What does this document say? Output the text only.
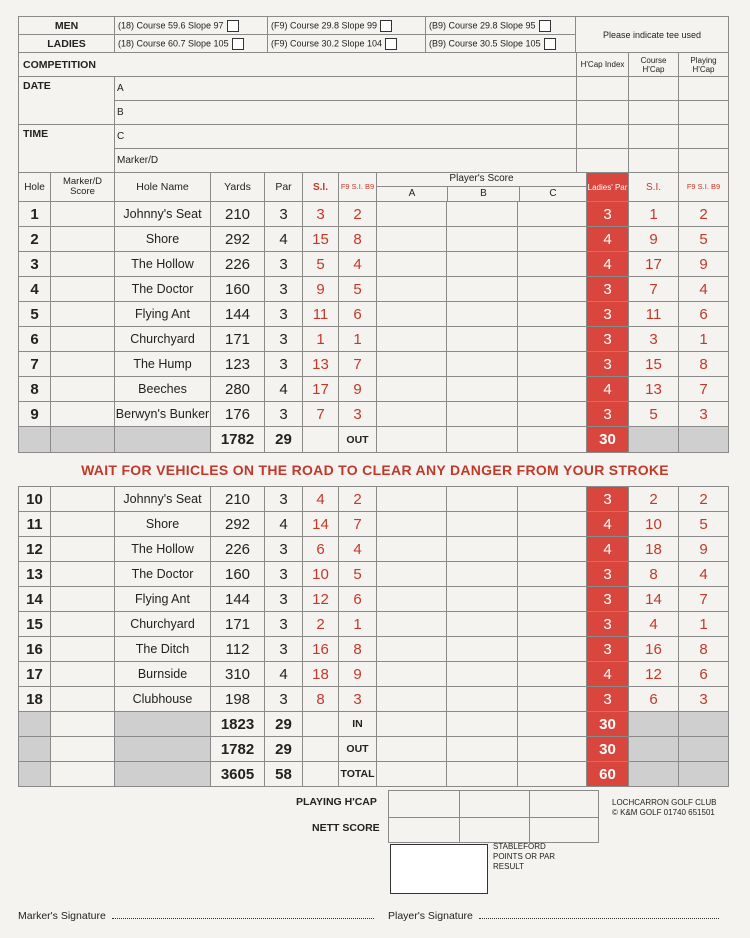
MEN	(18) Course 59.6 Slope 97	(F9) Course 29.8 Slope 99	(B9) Course 29.8 Slope 95	Please indicate tee used
LADIES	(18) Course 60.7 Slope 105	(F9) Course 30.2 Slope 104	(B9) Course 30.5 Slope 105	
COMPETITION		H'Cap Index	Course H'Cap	Playing H'Cap
DATE	A			
	B			
TIME	C			
	Marker/D			
Hole	Marker/D Score	Hole Name	Yards	Par	S.I.	F9 S.I. B9	Player's Score
A B C			Ladies' Par	S.I.	F9 S.I. B9
1		Johnny's Seat	210	3	3	2				3	1	2
2		Shore	292	4	15	8				4	9	5
3		The Hollow	226	3	5	4				4	17	9
4		The Doctor	160	3	9	5				3	7	4
5		Flying Ant	144	3	11	6				3	11	6
6		Churchyard	171	3	1	1				3	3	1
7		The Hump	123	3	13	7				3	15	8
8		Beeches	280	4	17	9				4	13	7
9		Berwyn's Bunker	176	3	7	3				3	5	3
			1782	29		OUT				30		
WAIT FOR VEHICLES ON THE ROAD TO CLEAR ANY DANGER FROM YOUR STROKE
10		Johnny's Seat	210	3	4	2				3	2	2
11		Shore	292	4	14	7				4	10	5
12		The Hollow	226	3	6	4				4	18	9
13		The Doctor	160	3	10	5				3	8	4
14		Flying Ant	144	3	12	6				3	14	7
15		Churchyard	171	3	2	1				3	4	1
16		The Ditch	112	3	16	8				3	16	8
17		Burnside	310	4	18	9				4	12	6
18		Clubhouse	198	3	8	3				3	6	3
			1823	29		IN				30		
			1782	29		OUT				30		
			3605	58		TOTAL				60		
PLAYING H'CAP
NETT SCORE
LOCHCARRON GOLF CLUB
© K&M GOLF 01740 651501
STABLEFORD POINTS OR PAR RESULT
Marker's Signature	Player's Signature
